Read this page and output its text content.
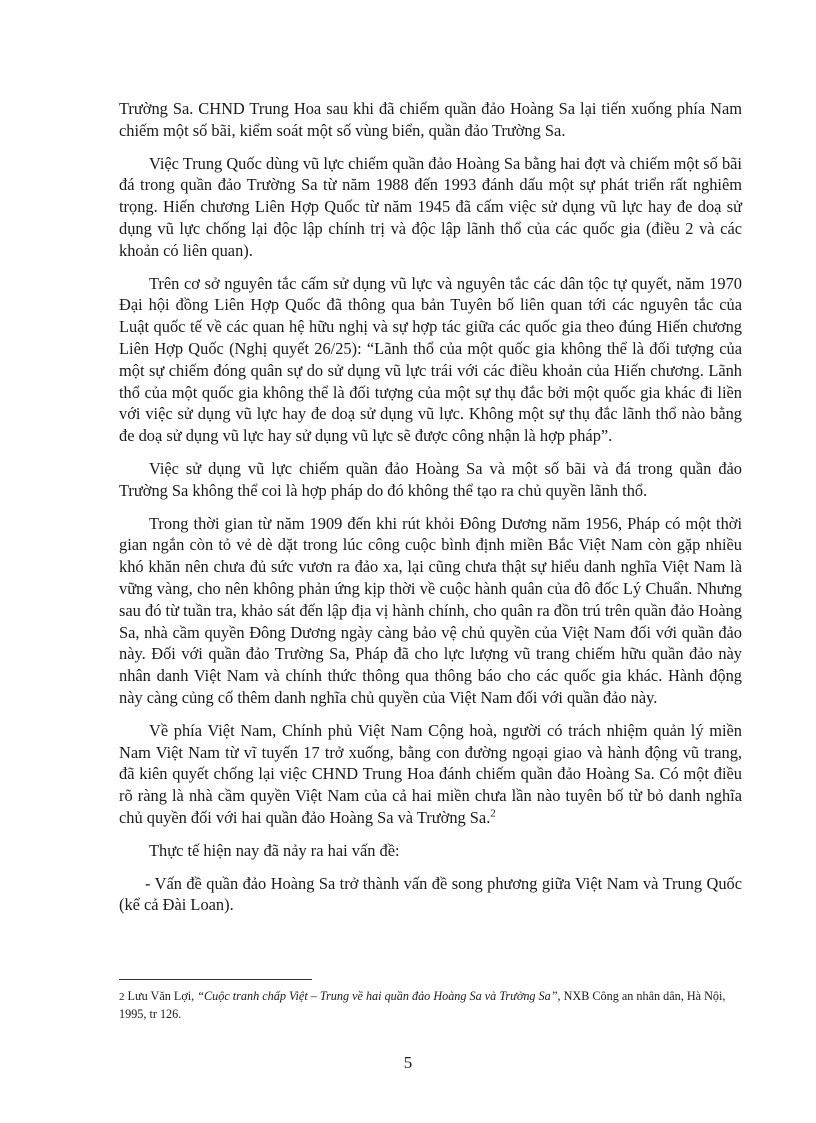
Trường Sa. CHND Trung Hoa sau khi đã chiếm quần đảo Hoàng Sa lại tiến xuống phía Nam chiếm một số bãi, kiểm soát một số vùng biển, quần đảo Trường Sa.

Việc Trung Quốc dùng vũ lực chiếm quần đảo Hoàng Sa bằng hai đợt và chiếm một số bãi đá trong quần đảo Trường Sa từ năm 1988 đến 1993 đánh dấu một sự phát triển rất nghiêm trọng. Hiến chương Liên Hợp Quốc từ năm 1945 đã cấm việc sử dụng vũ lực hay đe doạ sử dụng vũ lực chống lại độc lập chính trị và độc lập lãnh thổ của các quốc gia (điều 2 và các khoản có liên quan).

Trên cơ sở nguyên tắc cấm sử dụng vũ lực và nguyên tắc các dân tộc tự quyết, năm 1970 Đại hội đồng Liên Hợp Quốc đã thông qua bản Tuyên bố liên quan tới các nguyên tắc của Luật quốc tế về các quan hệ hữu nghị và sự hợp tác giữa các quốc gia theo đúng Hiến chương Liên Hợp Quốc (Nghị quyết 26/25): “Lãnh thổ của một quốc gia không thể là đối tượng của một sự chiếm đóng quân sự do sử dụng vũ lực trái với các điều khoản của Hiến chương. Lãnh thổ của một quốc gia không thể là đối tượng của một sự thụ đắc bởi một quốc gia khác đi liền với việc sử dụng vũ lực hay đe doạ sử dụng vũ lực. Không một sự thụ đắc lãnh thổ nào bằng đe doạ sử dụng vũ lực hay sử dụng vũ lực sẽ được công nhận là hợp pháp”.

Việc sử dụng vũ lực chiếm quần đảo Hoàng Sa và một số bãi và đá trong quần đảo Trường Sa không thể coi là hợp pháp do đó không thể tạo ra chủ quyền lãnh thổ.

Trong thời gian từ năm 1909 đến khi rút khỏi Đông Dương năm 1956, Pháp có một thời gian ngắn còn tỏ vẻ dè dặt trong lúc công cuộc bình định miền Bắc Việt Nam còn gặp nhiều khó khăn nên chưa đủ sức vươn ra đảo xa, lại cũng chưa thật sự hiểu danh nghĩa Việt Nam là vững vàng, cho nên không phản ứng kịp thời về cuộc hành quân của đô đốc Lý Chuẩn. Nhưng sau đó từ tuần tra, khảo sát đến lập địa vị hành chính, cho quân ra đồn trú trên quần đảo Hoàng Sa, nhà cầm quyền Đông Dương ngày càng bảo vệ chủ quyền của Việt Nam đối với quần đảo này. Đối với quần đảo Trường Sa, Pháp đã cho lực lượng vũ trang chiếm hữu quần đảo này nhân danh Việt Nam và chính thức thông qua thông báo cho các quốc gia khác. Hành động này càng củng cố thêm danh nghĩa chủ quyền của Việt Nam đối với quần đảo này.

Về phía Việt Nam, Chính phủ Việt Nam Cộng hoà, người có trách nhiệm quản lý miền Nam Việt Nam từ vĩ tuyến 17 trở xuống, bằng con đường ngoại giao và hành động vũ trang, đã kiên quyết chống lại việc CHND Trung Hoa đánh chiếm quần đảo Hoàng Sa. Có một điều rõ ràng là nhà cầm quyền Việt Nam của cả hai miền chưa lần nào tuyên bố từ bỏ danh nghĩa chủ quyền đối với hai quần đảo Hoàng Sa và Trường Sa.$^2$

Thực tế hiện nay đã nảy ra hai vấn đề:

- Vấn đề quần đảo Hoàng Sa trở thành vấn đề song phương giữa Việt Nam và Trung Quốc (kể cả Đài Loan).

2 Lưu Văn Lợi, “Cuộc tranh chấp Việt – Trung về hai quần đảo Hoàng Sa và Trường Sa”, NXB Công an nhân dân, Hà Nội, 1995, tr 126.
5
